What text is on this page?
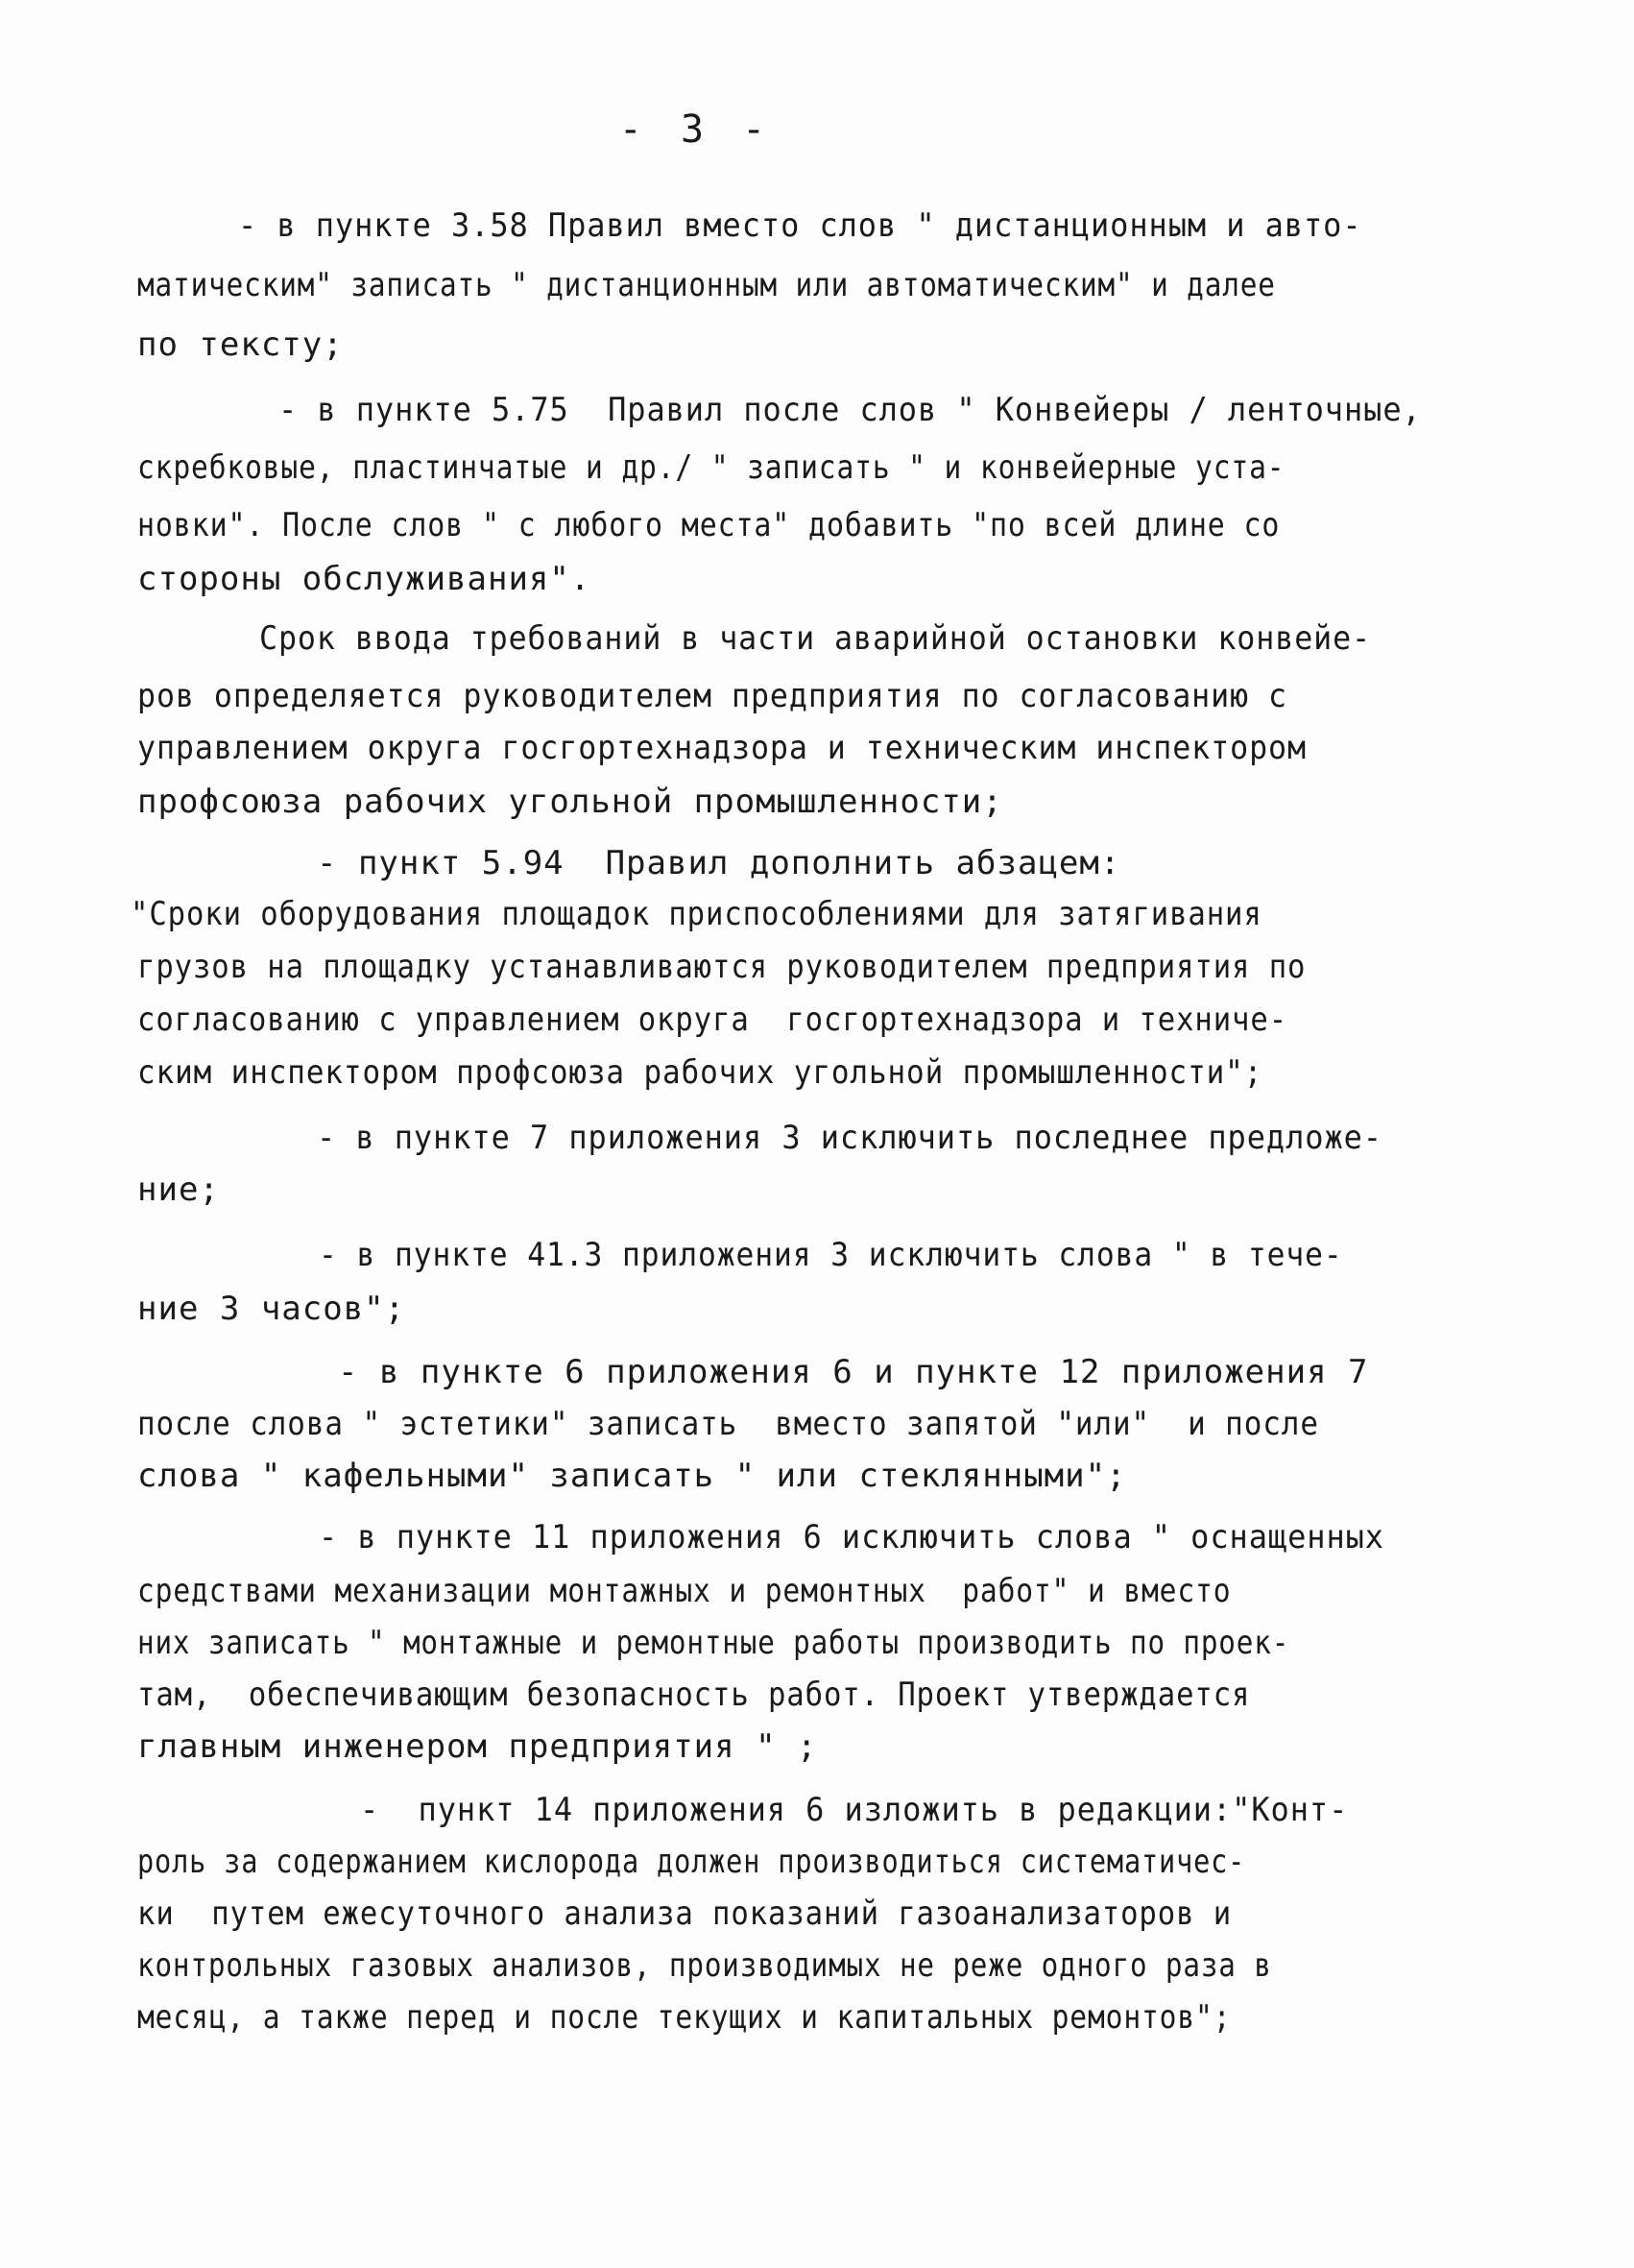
- 3 -
- в пункте 3.58 Правил вместо слов " дистанционным и авто-
матическим" записать " дистанционным или автоматическим" и далее
по тексту;
- в пункте 5.75  Правил после слов " Конвейеры / ленточные,
скребковые, пластинчатые и др./ " записать " и конвейерные уста-
новки". После слов " с любого места" добавить "по всей длине со
стороны обслуживания".
Срок ввода требований в части аварийной остановки конвейе-
ров определяется руководителем предприятия по согласованию с
управлением округа госгортехнадзора и техническим инспектором
профсоюза рабочих угольной промышленности;
- пункт 5.94  Правил дополнить абзацем:
"Сроки оборудования площадок приспособлениями для затягивания
грузов на площадку устанавливаются руководителем предприятия по
согласованию с управлением округа  госгортехнадзора и техниче-
ским инспектором профсоюза рабочих угольной промышленности";
- в пункте 7 приложения 3 исключить последнее предложе-
ние;
- в пункте 41.3 приложения 3 исключить слова " в тече-
ние 3 часов";
- в пункте 6 приложения 6 и пункте 12 приложения 7
после слова " эстетики" записать  вместо запятой "или"  и после
слова " кафельными" записать " или стеклянными";
- в пункте 11 приложения 6 исключить слова " оснащенных
средствами механизации монтажных и ремонтных  работ" и вместо
них записать " монтажные и ремонтные работы производить по проек-
там,  обеспечивающим безопасность работ. Проект утверждается
главным инженером предприятия " ;
-  пункт 14 приложения 6 изложить в редакции:"Конт-
роль за содержанием кислорода должен производиться систематичес-
ки  путем ежесуточного анализа показаний газоанализаторов и
контрольных газовых анализов, производимых не реже одного раза в
месяц, а также перед и после текущих и капитальных ремонтов";
